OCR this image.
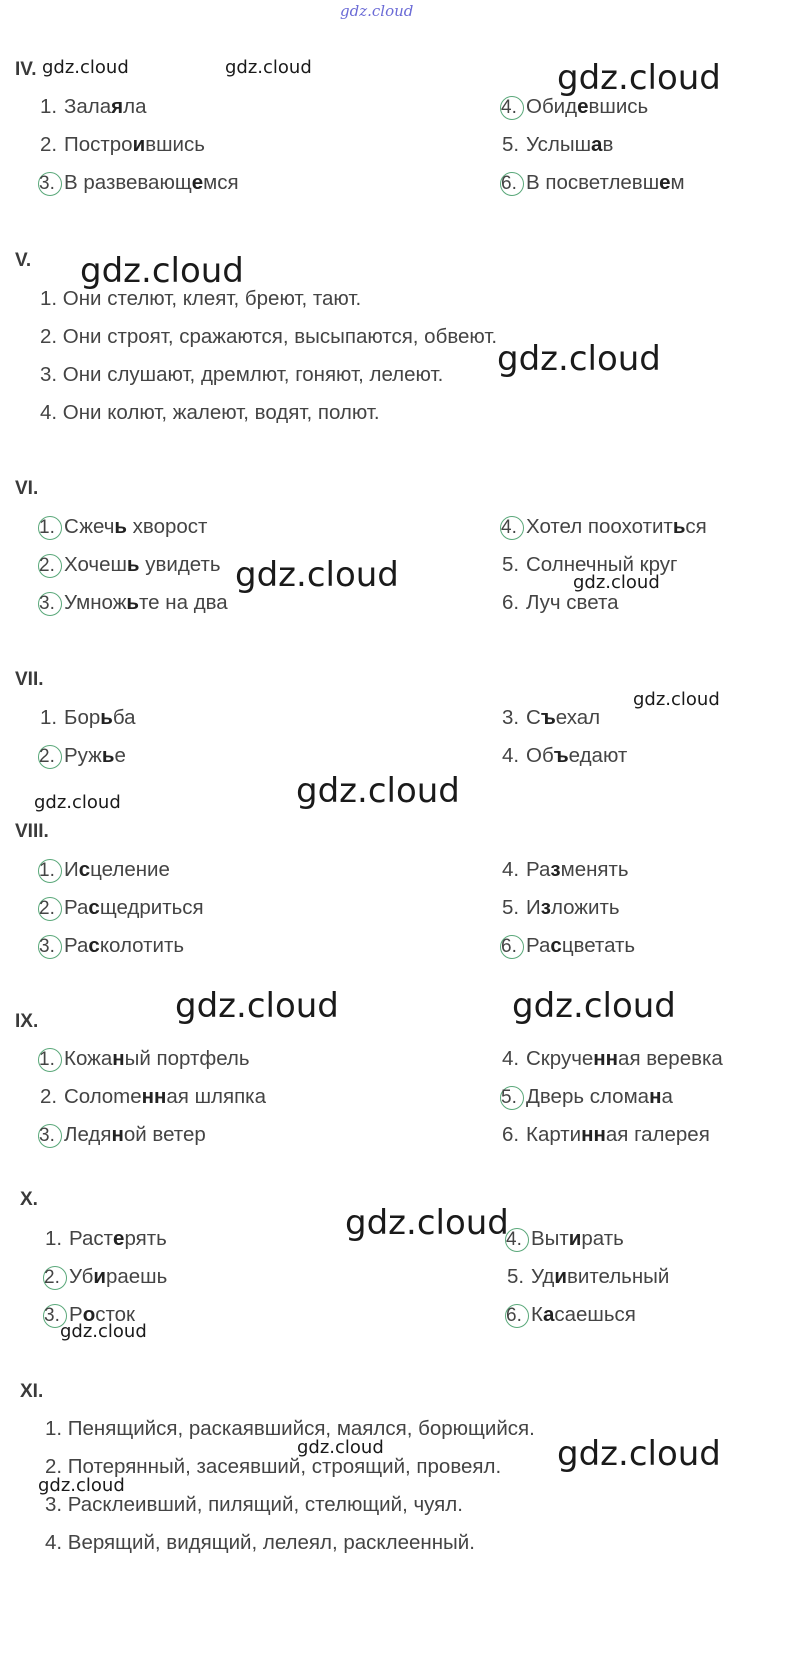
gdz.cloud
IV.
V.
1. Они стелют, клеят, бреют, тают.
2. Они строят, сражаются, высыпаются, обвеют.
3. Они слушают, дремлют, гоняют, лелеют.
4. Они колют, жалеют, водят, полют.
VI.
VII.
VIII.
IX.
X.
XI.
1. Пенящийся, раскаявшийся, маялся, борющийся.
2. Потерянный, засеявший, строящий, провеял.
3. Расклеивший, пилящий, стелющий, чуял.
4. Верящий, видящий, лелеял, расклеенный.
gdz.cloud	gdz.cloud	gdz.cloud
gdz.cloud
gdz.cloud
gdz.cloud	gdz.cloud
gdz.cloud
gdz.cloud
gdz.cloud
gdz.cloud	gdz.cloud
gdz.cloud
gdz.cloud
gdz.cloud
gdz.cloud
gdz.cloud
1. Залаяла
2. Построившись
3. В развевающемся
4. Обидевшись
5. Услышав
6. В посветлевшем
1. Сжечь хворост
2. Хочешь увидеть
3. Умножьте на два
4. Хотел поохотиться
5. Солнечный круг
6. Луч света
1. Борьба
2. Ружье
3. Съехал
4. Объедают
1. Исцеление
2. Расщедриться
3. Расколотить
4. Разменять
5. Изложить
6. Расцветать
1. Кожаный портфель
2. Солomeнная шляпка
3. Ледяной ветер
4. Скрученная веревка
5. Дверь сломана
6. Картинная галерея
1. Растерять
2. Убираешь
3. Росток
4. Вытирать
5. Удивительный
6. Касаешься
